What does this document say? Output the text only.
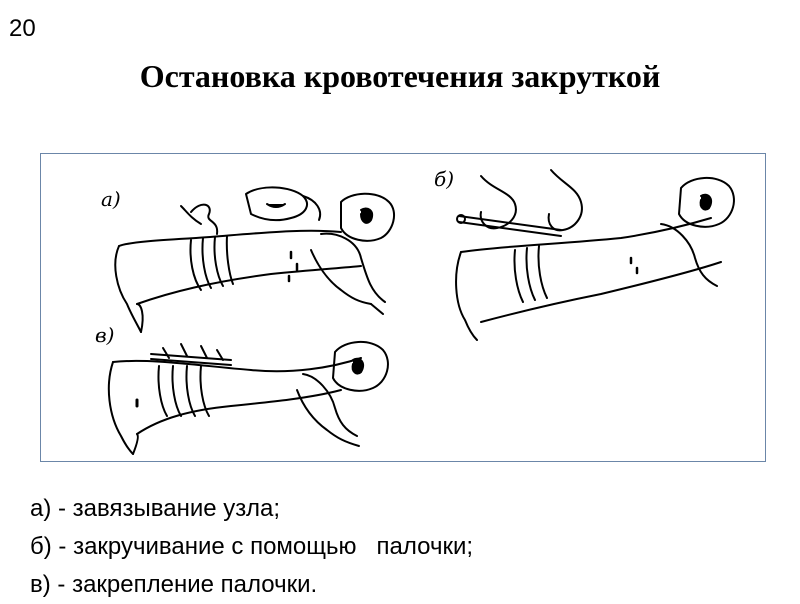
20
Остановка кровотечения закруткой
а)
б)
в)
а) - завязывание узла;
б) - закручивание с помощью   палочки;
в) - закрепление палочки.
